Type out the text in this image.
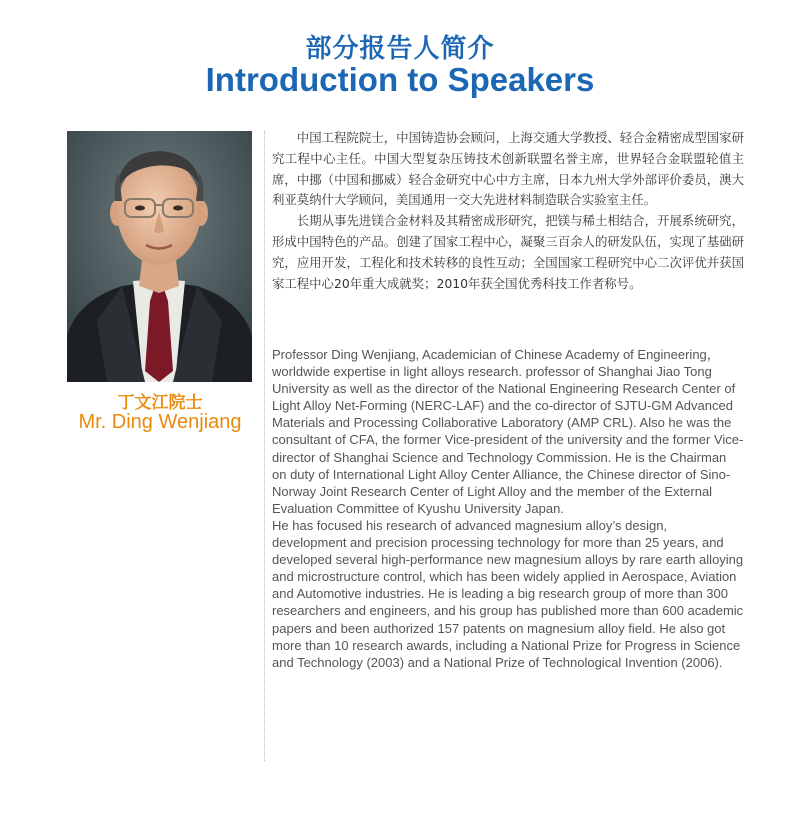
部分报告人简介
Introduction to Speakers
丁文江院士
Mr. Ding Wenjiang

中国工程院院士，中国铸造协会顾问，上海交通大学教授、轻合金精密成型国家研究工程中心主任。中国大型复杂压铸技术创新联盟名誉主席，世界轻合金联盟轮值主席，中挪（中国和挪威）轻合金研究中心中方主席，日本九州大学外部评价委员，澳大利亚莫纳什大学顾问，美国通用一交大先进材料制造联合实验室主任。

长期从事先进镁合金材料及其精密成形研究，把镁与稀土相结合，开展系统研究，形成中国特色的产品。创建了国家工程中心，凝聚三百余人的研发队伍，实现了基础研究，应用开发，工程化和技术转移的良性互动；全国国家工程研究中心二次评优并获国家工程中心20年重大成就奖；2010年获全国优秀科技工作者称号。

Professor Ding Wenjiang, Academician of Chinese Academy of Engineering， worldwide expertise in light alloys research. professor of Shanghai Jiao Tong University as well as the director of the National Engineering Research Center of Light Alloy Net-Forming (NERC-LAF) and the co-director of SJTU-GM Advanced Materials and Processing Collaborative Laboratory (AMP CRL). Also he was the consultant of CFA, the former Vice-president of the university and the former Vice-director of Shanghai Science and Technology Commission. He is the Chairman on duty of International Light Alloy Center Alliance, the Chinese director of Sino-Norway Joint Research Center of Light Alloy and the member of the External Evaluation Committee of Kyushu University Japan.

He has focused his research of advanced magnesium alloy’s design, development and precision processing technology for more than 25 years, and developed several high-performance new magnesium alloys by rare earth alloying and microstructure control, which has been widely applied in Aerospace, Aviation and Automotive industries. He is leading a big research group of more than 300 researchers and engineers, and his group has published more than 600 academic papers and been authorized 157 patents on magnesium alloy field. He also got more than 10 research awards, including a National Prize for Progress in Science and Technology (2003) and a National Prize of Technological Invention (2006).
